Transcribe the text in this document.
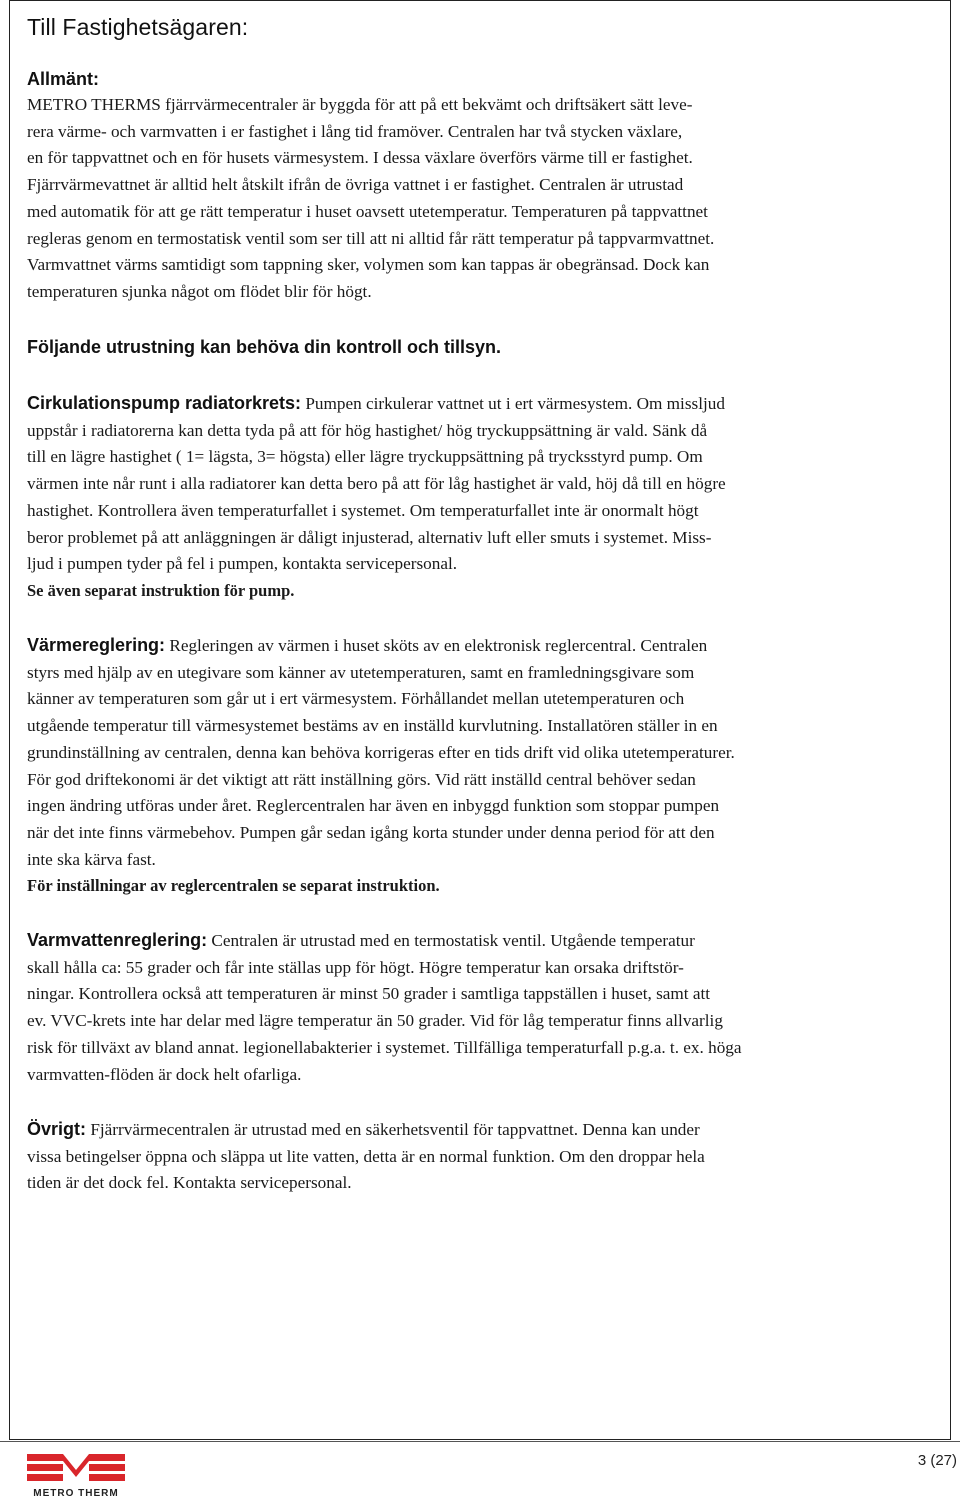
Till Fastighetsägaren:
Allmänt:
METRO THERMS fjärrvärmecentraler är byggda för att på ett bekvämt och driftsäkert sätt leve-
rera värme- och varmvatten i er fastighet i lång tid framöver. Centralen har två stycken växlare,
en för tappvattnet och en för husets värmesystem. I dessa växlare överförs värme till er fastighet.
Fjärrvärmevattnet är alltid helt åtskilt ifrån de övriga vattnet i er fastighet. Centralen är utrustad
med automatik för att ge rätt temperatur i huset oavsett utetemperatur. Temperaturen på tappvattnet
regleras genom en termostatisk ventil som ser till att ni alltid får rätt temperatur på tappvarmvattnet.
Varmvattnet värms samtidigt som tappning sker, volymen som kan tappas är obegränsad. Dock kan
temperaturen sjunka något om flödet blir för högt.
Följande utrustning kan behöva din kontroll och tillsyn.
Cirkulationspump radiatorkrets: Pumpen cirkulerar vattnet ut i ert värmesystem. Om missljud
uppstår i radiatorerna kan detta tyda på att för hög hastighet/ hög tryckuppsättning är vald. Sänk då
till en lägre hastighet ( 1= lägsta, 3= högsta) eller lägre tryckuppsättning på trycksstyrd pump. Om
värmen inte når runt i alla radiatorer kan detta bero på att för låg hastighet är vald, höj då till en högre
hastighet. Kontrollera även temperaturfallet i systemet. Om temperaturfallet inte är onormalt högt
beror problemet på att anläggningen är dåligt injusterad, alternativ luft eller smuts i systemet. Miss-
ljud i pumpen tyder på fel i pumpen, kontakta servicepersonal.
Se även separat instruktion för pump.
Värmereglering: Regleringen av värmen i huset sköts av en elektronisk reglercentral. Centralen
styrs med hjälp av en utegivare som känner av utetemperaturen, samt en framledningsgivare som
känner av temperaturen som går ut i ert värmesystem. Förhållandet mellan utetemperaturen och
utgående temperatur till värmesystemet bestäms av en inställd kurvlutning. Installatören ställer in en
grundinställning av centralen, denna kan behöva korrigeras efter en tids drift vid olika utetemperaturer.
För god driftekonomi är det viktigt att rätt inställning görs. Vid rätt inställd central behöver sedan
ingen ändring utföras under året. Reglercentralen har även en inbyggd funktion som stoppar pumpen
när det inte finns värmebehov. Pumpen går sedan igång korta stunder under denna period för att den
inte ska kärva fast.
För inställningar av reglercentralen se separat instruktion.
Varmvattenreglering: Centralen är utrustad med en termostatisk ventil. Utgående temperatur
skall hålla ca: 55 grader och får inte ställas upp för högt. Högre temperatur kan orsaka driftstör-
ningar. Kontrollera också att temperaturen är minst 50 grader i samtliga tappställen i huset, samt att
ev. VVC-krets inte har delar med lägre temperatur än 50 grader. Vid för låg temperatur finns allvarlig
risk för tillväxt av bland annat. legionellabakterier i systemet. Tillfälliga temperaturfall p.g.a. t. ex. höga
varmvatten-flöden är dock helt ofarliga.
Övrigt: Fjärrvärmecentralen är utrustad med en säkerhetsventil för tappvattnet. Denna kan under
vissa betingelser öppna och släppa ut lite vatten, detta är en normal funktion. Om den droppar hela
tiden är det dock fel. Kontakta servicepersonal.
METRO THERM
3 (27)
